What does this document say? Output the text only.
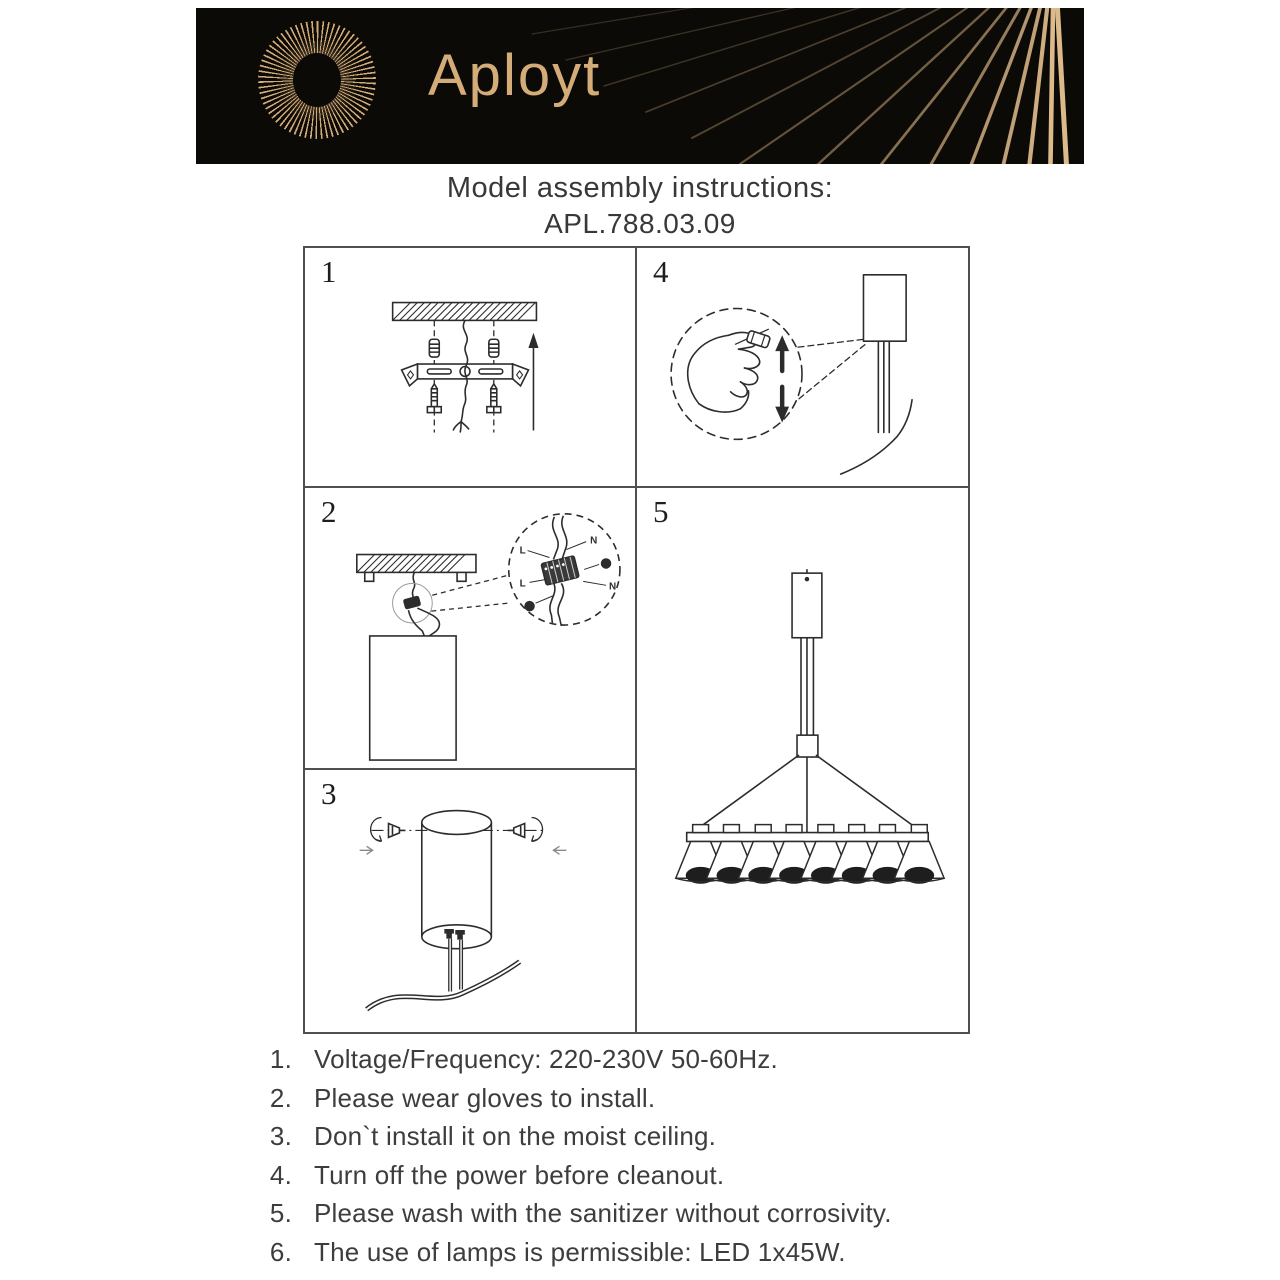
Aployt
Model assembly instructions:
APL.788.03.09
1
2
N
L
L	N
3
4
5
1. Voltage/Frequency: 220-230V 50-60Hz.
2. Please wear gloves to install.
3. Don`t install it on the moist ceiling.
4. Turn off the power before cleanout.
5. Please wash with the sanitizer without corrosivity.
6. The use of lamps is permissible: LED 1x45W.
